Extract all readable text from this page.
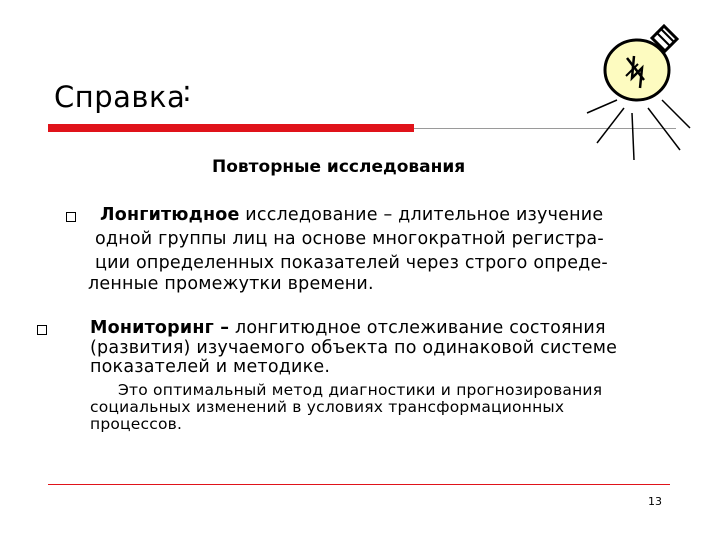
Справка
:
Повторные исследования
Лонгитюдное исследование – длительное изучение
одной группы лиц на основе многократной регистра-
ции определенных показателей через строго опреде-
ленные промежутки времени.
Мониторинг – лонгитюдное отслеживание состояния
(развития) изучаемого объекта по одинаковой системе
показателей и методике.
Это оптимальный метод диагностики и прогнозирования
социальных изменений в условиях трансформационных
процессов.
13
